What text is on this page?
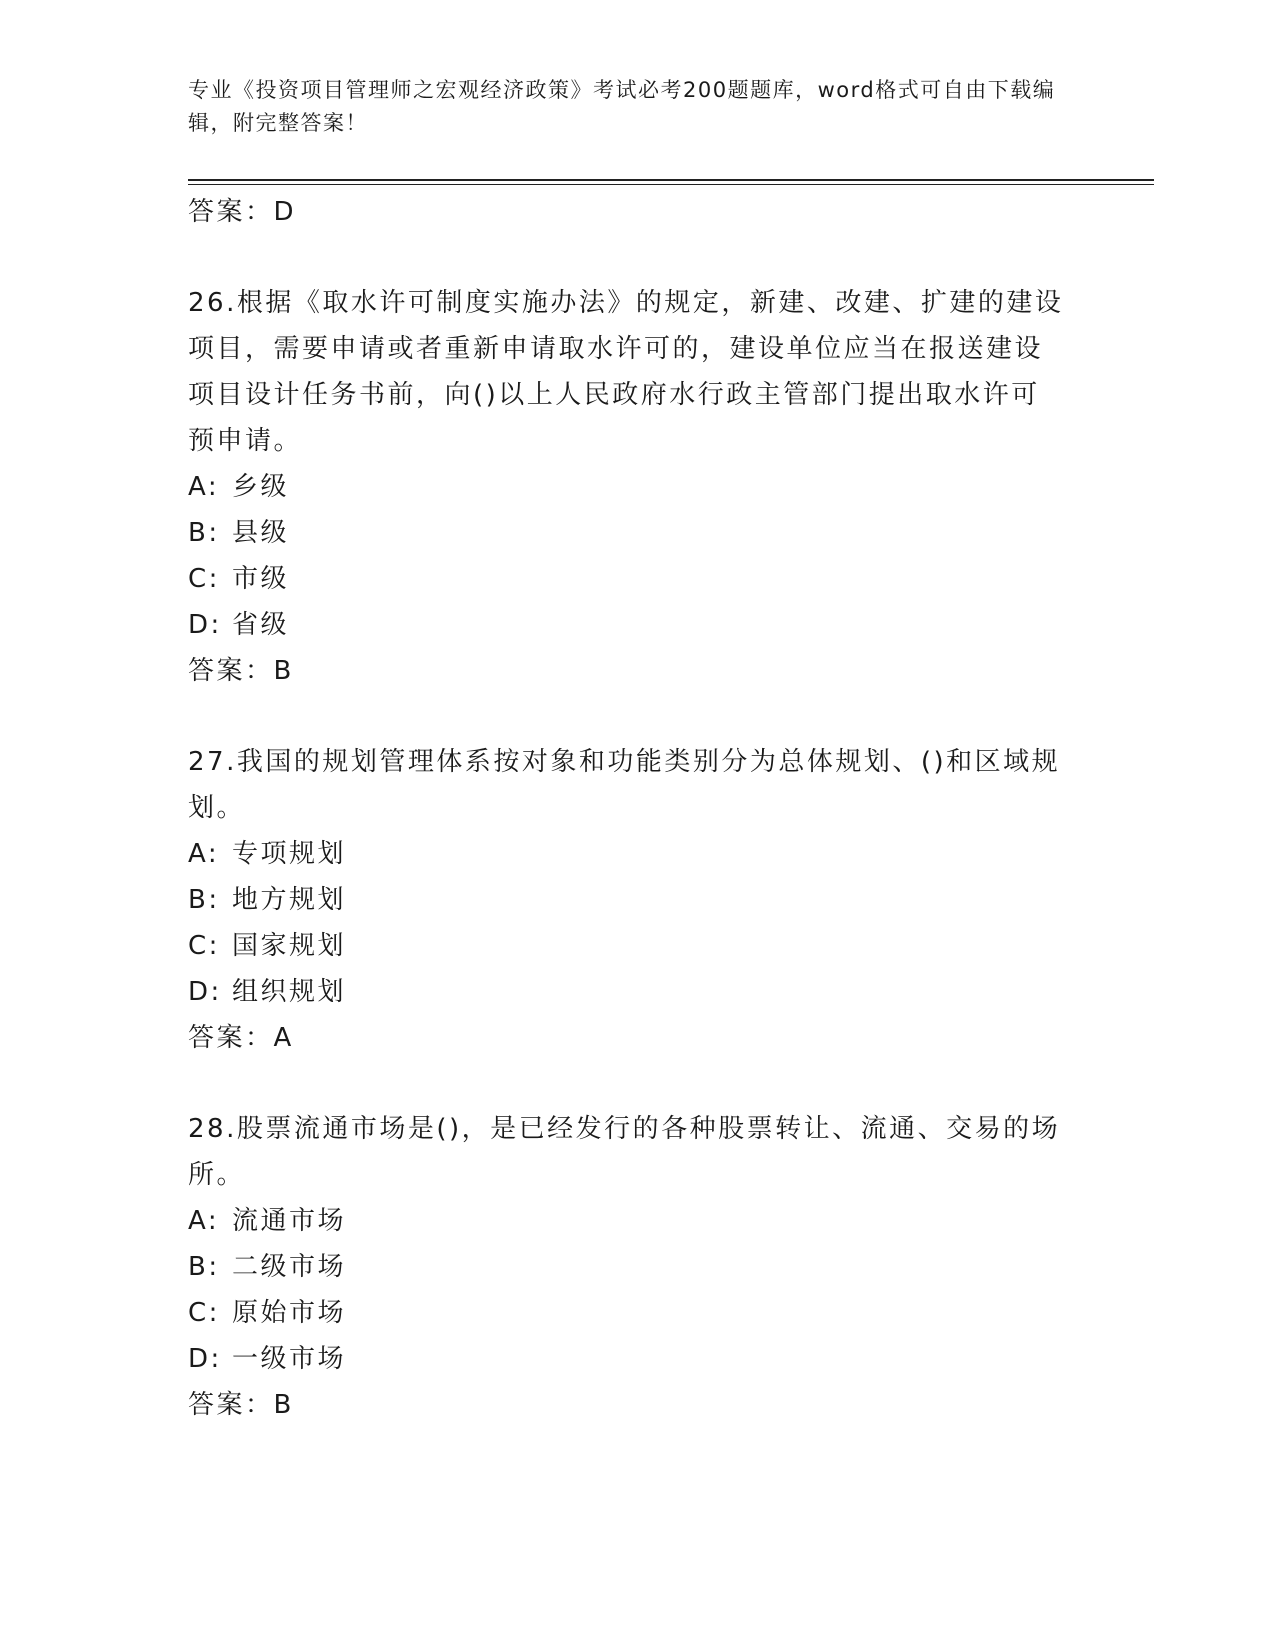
专业《投资项目管理师之宏观经济政策》考试必考200题题库，word格式可自由下载编辑，附完整答案！
答案：D
26.根据《取水许可制度实施办法》的规定，新建、改建、扩建的建设项目，需要申请或者重新申请取水许可的，建设单位应当在报送建设项目设计任务书前，向()以上人民政府水行政主管部门提出取水许可预申请。
A: 乡级
B: 县级
C: 市级
D: 省级
答案：B
27.我国的规划管理体系按对象和功能类别分为总体规划、()和区域规划。
A: 专项规划
B: 地方规划
C: 国家规划
D: 组织规划
答案：A
28.股票流通市场是()，是已经发行的各种股票转让、流通、交易的场所。
A: 流通市场
B: 二级市场
C: 原始市场
D: 一级市场
答案：B
